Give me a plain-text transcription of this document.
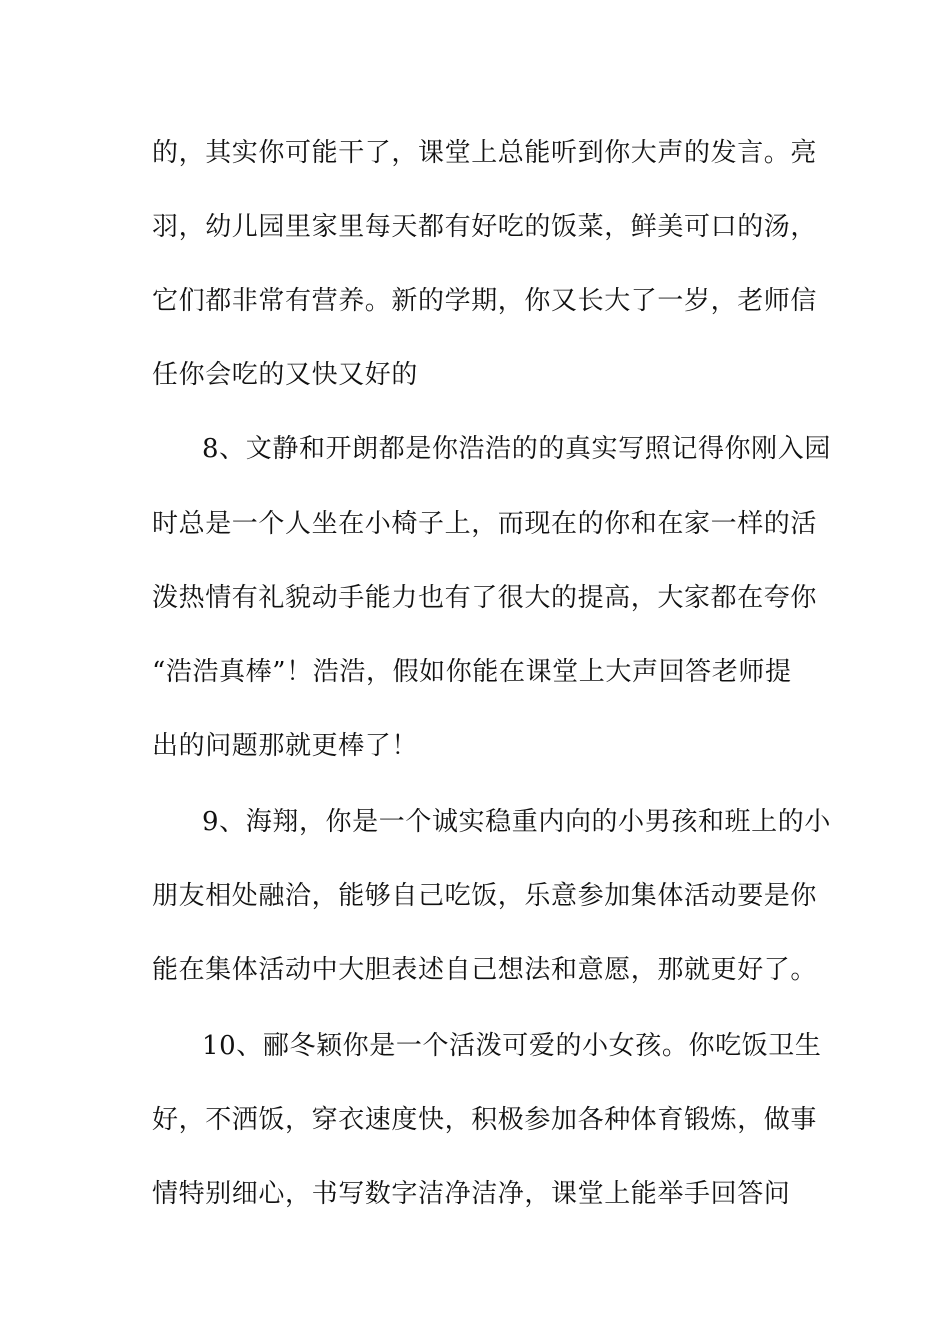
的，其实你可能干了，课堂上总能听到你大声的发言。亮
羽，幼儿园里家里每天都有好吃的饭菜，鲜美可口的汤，
它们都非常有营养。新的学期，你又长大了一岁，老师信
任你会吃的又快又好的
8、文静和开朗都是你浩浩的的真实写照记得你刚入园
时总是一个人坐在小椅子上，而现在的你和在家一样的活
泼热情有礼貌动手能力也有了很大的提高，大家都在夸你
“浩浩真棒”！浩浩，假如你能在课堂上大声回答老师提
出的问题那就更棒了！
9、海翔，你是一个诚实稳重内向的小男孩和班上的小
朋友相处融洽，能够自己吃饭，乐意参加集体活动要是你
能在集体活动中大胆表述自己想法和意愿，那就更好了。
10、郦冬颖你是一个活泼可爱的小女孩。你吃饭卫生
好，不洒饭，穿衣速度快，积极参加各种体育锻炼，做事
情特别细心，书写数字洁净洁净，课堂上能举手回答问
